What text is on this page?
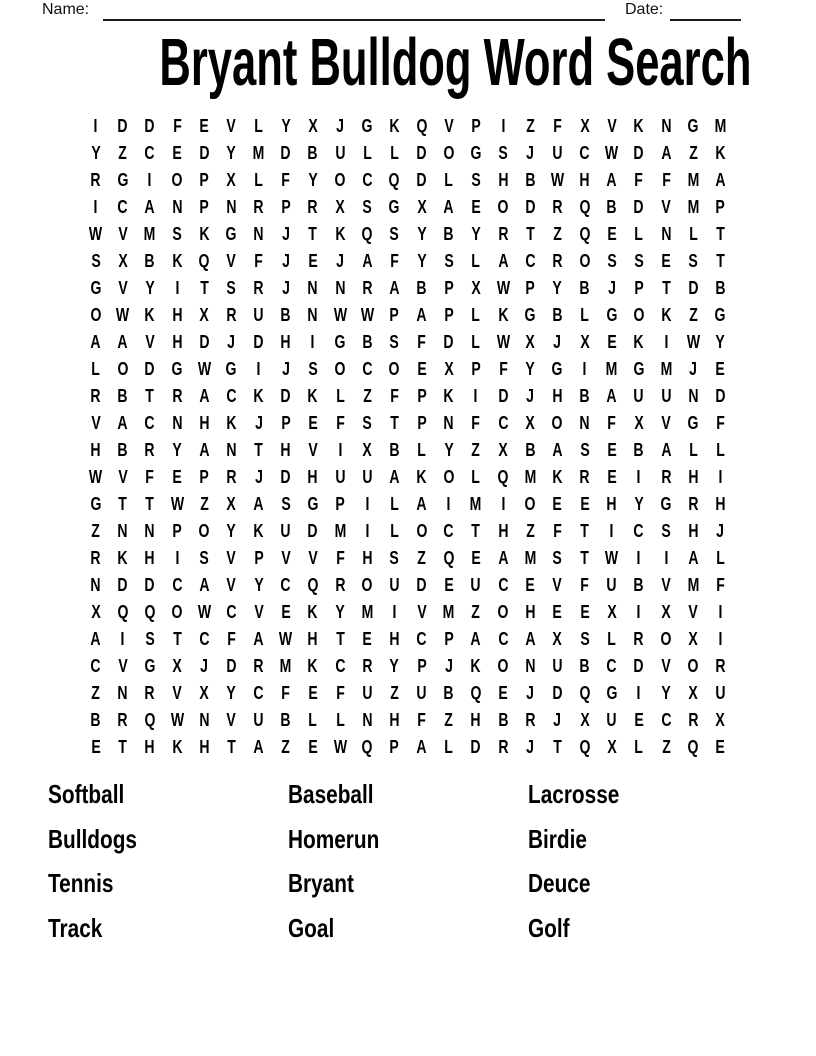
Name:	Date:
Bryant Bulldog Word Search
I D D F E V L Y X J G K Q V P I Z F X V K N G M
Y Z C E D Y M D B U L L D O G S J U C W D A Z K
R G I O P X L F Y O C Q D L S H B W H A F F M A
I C A N P N R P R X S G X A E O D R Q B D V M P
W V M S K G N J T K Q S Y B Y R T Z Q E L N L T
S X B K Q V F J E J A F Y S L A C R O S S E S T
G V Y I T S R J N N R A B P X W P Y B J P T D B
O W K H X R U B N W W P A P L K G B L G O K Z G
A A V H D J D H I G B S F D L W X J X E K I W Y
L O D G W G I J S O C O E X P F Y G I M G M J E
R B T R A C K D K L Z F P K I D J H B A U U N D
V A C N H K J P E F S T P N F C X O N F X V G F
H B R Y A N T H V I X B L Y Z X B A S E B A L L
W V F E P R J D H U U A K O L Q M K R E I R H I
G T T W Z X A S G P I L A I M I O E E H Y G R H
Z N N P O Y K U D M I L O C T H Z F T I C S H J
R K H I S V P V V F H S Z Q E A M S T W I I A L
N D D C A V Y C Q R O U D E U C E V F U B V M F
X Q Q O W C V E K Y M I V M Z O H E E X I X V I
A I S T C F A W H T E H C P A C A X S L R O X I
C V G X J D R M K C R Y P J K O N U B C D V O R
Z N R V X Y C F E F U Z U B Q E J D Q G I Y X U
B R Q W N V U B L L N H F Z H B R J X U E C R X
E T H K H T A Z E W Q P A L D R J T Q X L Z Q E
Softball
Bulldogs
Tennis
Track
Baseball
Homerun
Bryant
Goal
Lacrosse
Birdie
Deuce
Golf
